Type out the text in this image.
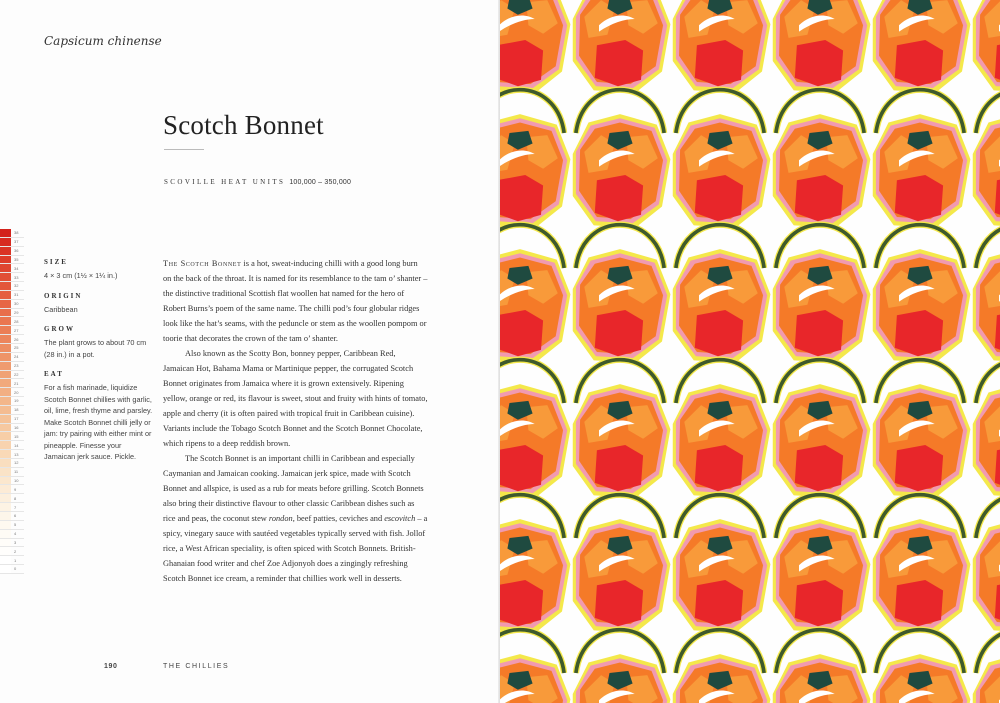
Capsicum chinense
Scotch Bonnet
SCOVILLE HEAT UNITS 100,000 – 350,000
38
37
36
35
34
33
32
31
30
29
28
27
26
25
24
23
22
21
20
19
18
17
16
15
14
13
12
11
10
9
8
7
6
5
4
3
2
1
0
SIZE
4 × 3 cm (1½ × 1¼ in.)
ORIGIN
Caribbean
GROW
The plant grows to about 70 cm (28 in.) in a pot.
EAT
For a fish marinade, liquidize Scotch Bonnet chillies with garlic, oil, lime, fresh thyme and parsley. Make Scotch Bonnet chilli jelly or jam: try pairing with either mint or pineapple. Finesse your Jamaican jerk sauce. Pickle.

The Scotch Bonnet is a hot, sweat-inducing chilli with a good long burn on the back of the throat. It is named for its resemblance to the tam o’ shanter – the distinctive traditional Scottish flat woollen hat named for the hero of Robert Burns’s poem of the same name. The chilli pod’s four globular ridges look like the hat’s seams, with the peduncle or stem as the woollen pompom or toorie that decorates the crown of the tam o’ shanter.

Also known as the Scotty Bon, bonney pepper, Caribbean Red, Jamaican Hot, Bahama Mama or Martinique pepper, the corrugated Scotch Bonnet originates from Jamaica where it is grown extensively. Ripening yellow, orange or red, its flavour is sweet, stout and fruity with hints of tomato, apple and cherry (it is often paired with tropical fruit in Caribbean cuisine). Variants include the Tobago Scotch Bonnet and the Scotch Bonnet Chocolate, which ripens to a deep reddish brown.

The Scotch Bonnet is an important chilli in Caribbean and especially Caymanian and Jamaican cooking. Jamaican jerk spice, made with Scotch Bonnet and allspice, is used as a rub for meats before grilling. Scotch Bonnets also bring their distinctive flavour to other classic Caribbean dishes such as rice and peas, the coconut stew rondon, beef patties, ceviches and escovitch – a spicy, vinegary sauce with sautéed vegetables typically served with fish. Jollof rice, a West African speciality, is often spiced with Scotch Bonnets. British-Ghanaian food writer and chef Zoe Adjonyoh does a zingingly refreshing Scotch Bonnet ice cream, a reminder that chillies work well in desserts.

190	THE CHILLIES
